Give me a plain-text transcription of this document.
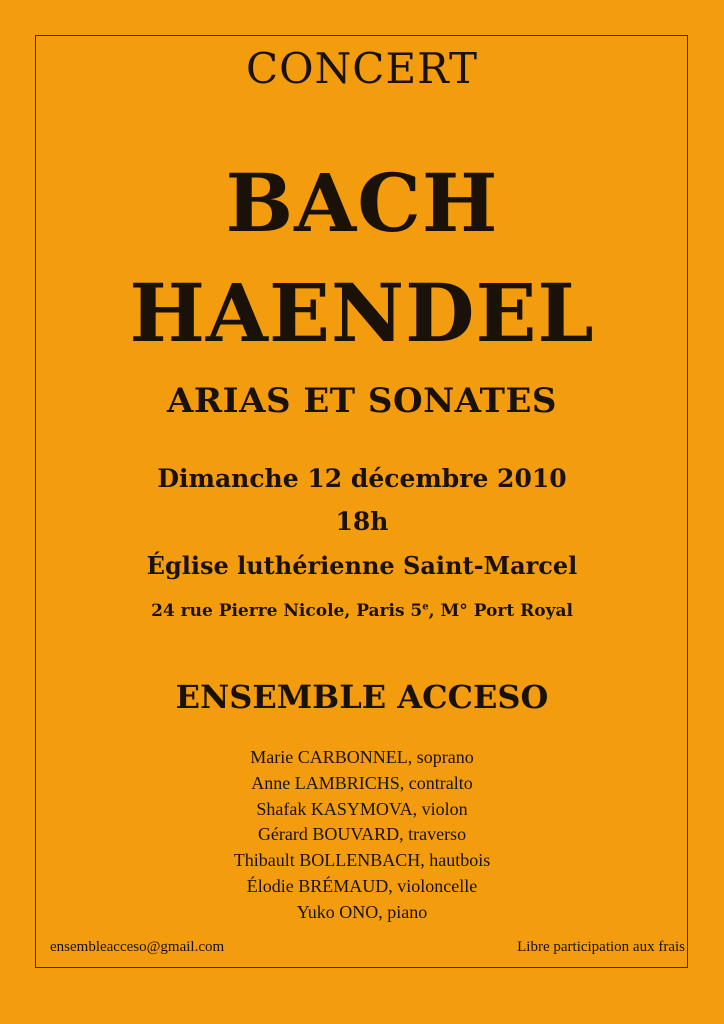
CONCERT
BACH
HAENDEL
ARIAS ET SONATES
Dimanche 12 décembre 2010
18h
Église luthérienne Saint-Marcel
24 rue Pierre Nicole, Paris 5e, M° Port Royal
ENSEMBLE ACCESO
Marie CARBONNEL, soprano
Anne LAMBRICHS, contralto
Shafak KASYMOVA, violon
Gérard BOUVARD, traverso
Thibault BOLLENBACH, hautbois
Élodie BRÉMAUD, violoncelle
Yuko ONO, piano
ensembleacceso@gmail.com	Libre participation aux frais
